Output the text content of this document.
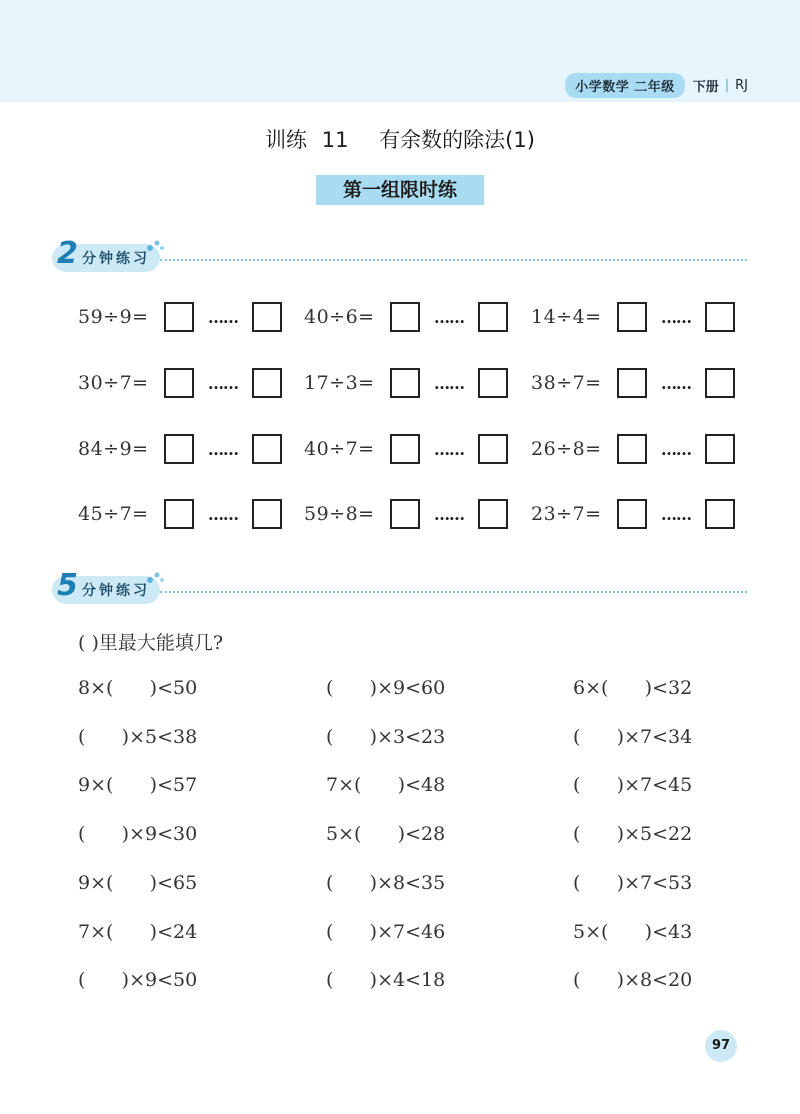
小学数学 二年级	下册 | RJ
训练 11 有余数的除法(1)
第一组限时练
2 分钟练习
59÷9=	……	40÷6=	……	14÷4=	……
30÷7=	……	17÷3=	……	38÷7=	……
84÷9=	……	40÷7=	……	26÷8=	……
45÷7=	……	59÷8=	……	23÷7=	……
5 分钟练习
( )里最大能填几?
8×(      )<50	(      )×9<60	6×(      )<32
(      )×5<38	(      )×3<23	(      )×7<34
9×(      )<57	7×(      )<48	(      )×7<45
(      )×9<30	5×(      )<28	(      )×5<22
9×(      )<65	(      )×8<35	(      )×7<53
7×(      )<24	(      )×7<46	5×(      )<43
(      )×9<50	(      )×4<18	(      )×8<20
97
